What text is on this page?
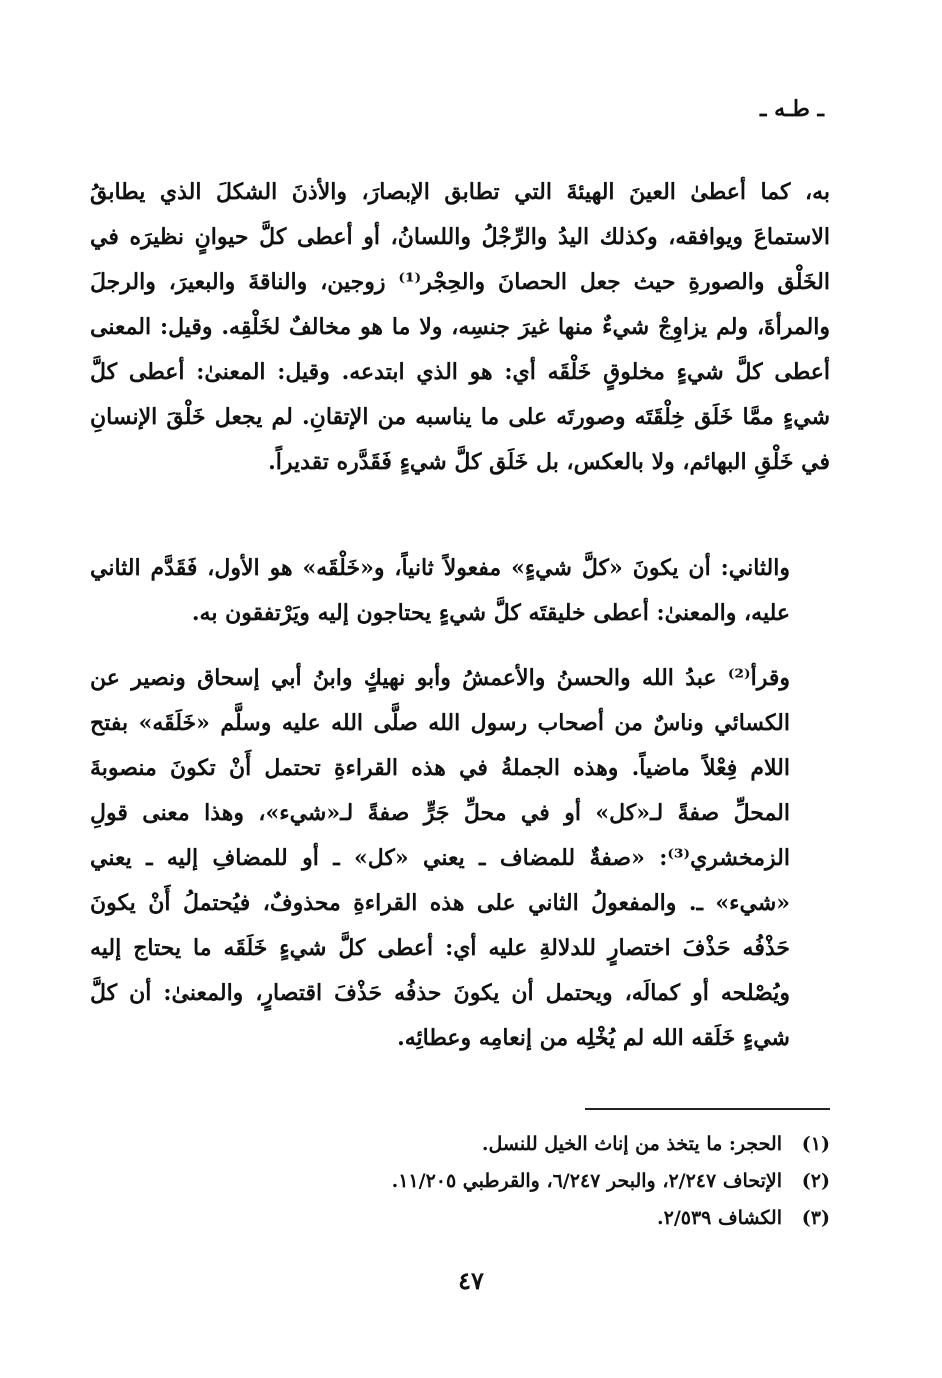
ـ طـه ـ

به، كما أعطىٰ العينَ الهيئةَ التي تطابق الإبصارَ، والأذنَ الشكلَ الذي يطابقُ الاستماعَ ويوافقه، وكذلك اليدُ والرِّجْلُ واللسانُ، أو أعطى كلَّ حيوانٍ نظيرَه في الخَلْق والصورةِ حيث جعل الحصانَ والحِجْر⁽¹⁾ زوجين، والناقةَ والبعيرَ، والرجلَ والمرأةَ، ولم يزاوِجْ شيءٌ منها غيرَ جنسِه، ولا ما هو مخالفٌ لخَلْقِه. وقيل: المعنى أعطى كلَّ شيءٍ مخلوقٍ خَلْقَه أي: هو الذي ابتدعه. وقيل: المعنىٰ: أعطى كلَّ شيءٍ ممَّا خَلَق خِلْقَتَه وصورتَه على ما يناسبه من الإتقانِ. لم يجعل خَلْقَ الإنسانِ في خَلْقِ البهائم، ولا بالعكس، بل خَلَق كلَّ شيءٍ فَقَدَّره تقديراً.

والثاني: أن يكونَ «كلَّ شيءٍ» مفعولاً ثانياً، و«خَلْقَه» هو الأول، فَقَدَّم الثاني عليه، والمعنىٰ: أعطى خليقتَه كلَّ شيءٍ يحتاجون إليه ويَرْتفقون به.

وقرأ⁽²⁾ عبدُ الله والحسنُ والأعمشُ وأبو نهيكٍ وابنُ أبي إسحاق ونصير عن الكسائي وناسٌ من أصحاب رسول الله صلَّى الله عليه وسلَّم «خَلَقَه» بفتح اللام فِعْلاً ماضياً. وهذه الجملةُ في هذه القراءةِ تحتمل أَنْ تكونَ منصوبةَ المحلِّ صفةً لـ«كل» أو في محلِّ جَرٍّ صفةً لـ«شيء»، وهذا معنى قولِ الزمخشري⁽³⁾: «صفةٌ للمضاف ـ يعني «كل» ـ أو للمضافِ إليه ـ يعني «شيء» ـ. والمفعولُ الثاني على هذه القراءةِ محذوفٌ، فيُحتملُ أَنْ يكونَ حَذْفُه حَذْفَ اختصارٍ للدلالةِ عليه أي: أعطى كلَّ شيءٍ خَلَقَه ما يحتاج إليه ويُصْلحه أو كمالَه، ويحتمل أن يكونَ حذفُه حَذْفَ اقتصارٍ، والمعنىٰ: أن كلَّ شيءٍ خَلَقه الله لم يُخْلِه من إنعامِه وعطائِه.

(١)
الحجر: ما يتخذ من إناث الخيل للنسل.
(٢)
الإتحاف ٢/٢٤٧، والبحر ٦/٢٤٧، والقرطبي ١١/٢٠٥.
(٣)
الكشاف ٢/٥٣٩.
٤٧
